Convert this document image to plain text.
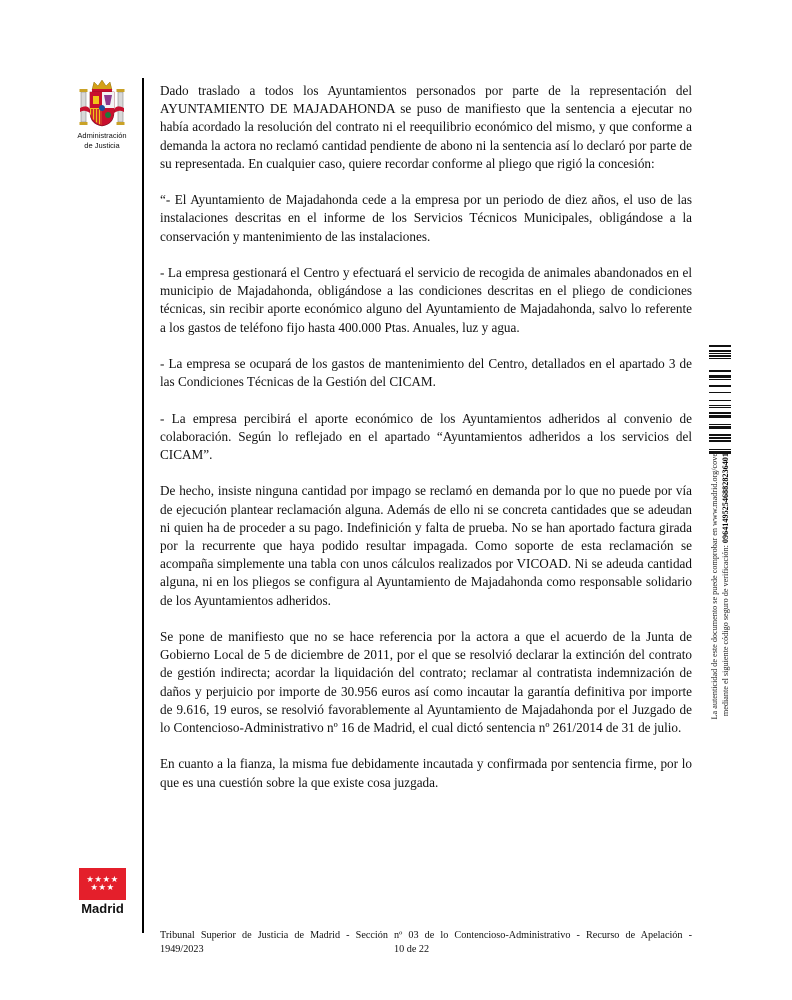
Administración
de Justicia

Dado traslado a todos los Ayuntamientos personados por parte de la representación del AYUNTAMIENTO DE MAJADAHONDA se puso de manifiesto que la sentencia a ejecutar no había acordado la resolución del contrato ni el reequilibrio económico del mismo, y que conforme a demanda la actora no reclamó cantidad pendiente de abono ni la sentencia así lo declaró por parte de su representada. En cualquier caso, quiere recordar conforme al pliego que rigió la concesión:

“- El Ayuntamiento de Majadahonda cede a la empresa por un periodo de diez años, el uso de las instalaciones descritas en el informe de los Servicios Técnicos Municipales, obligándose a la conservación y mantenimiento de las instalaciones.

- La empresa gestionará el Centro y efectuará el servicio de recogida de animales abandonados en el municipio de Majadahonda, obligándose a las condiciones descritas en el pliego de condiciones técnicas, sin recibir aporte económico alguno del Ayuntamiento de Majadahonda, salvo lo referente a los gastos de teléfono fijo hasta 400.000 Ptas. Anuales, luz y agua.

- La empresa se ocupará de los gastos de mantenimiento del Centro, detallados en el apartado 3 de las Condiciones Técnicas de la Gestión del CICAM.

- La empresa percibirá el aporte económico de los Ayuntamientos adheridos al convenio de colaboración. Según lo reflejado en el apartado “Ayuntamientos adheridos a los servicios del CICAM”.

De hecho, insiste ninguna cantidad por impago se reclamó en demanda por lo que no puede por vía de ejecución plantear reclamación alguna. Además de ello ni se concreta cantidades que se adeudan ni quien ha de proceder a su pago. Indefinición y falta de prueba. No se han aportado factura girada por la recurrente que haya podido resultar impagada. Como soporte de esta reclamación se acompaña simplemente una tabla con unos cálculos realizados por VICOAD. Ni se adeuda cantidad alguna, ni en los pliegos se configura al Ayuntamiento de Majadahonda como responsable solidario de los Ayuntamientos adheridos.

Se pone de manifiesto que no se hace referencia por la actora a que el acuerdo de la Junta de Gobierno Local de 5 de diciembre de 2011, por el que se resolvió declarar la extinción del contrato de gestión indirecta; acordar la liquidación del contrato; reclamar al contratista indemnización de daños y perjuicio por importe de 30.956 euros así como incautar la garantía definitiva por importe de 9.616, 19 euros, se resolvió favorablemente al Ayuntamiento de Majadahonda por el Juzgado de lo Contencioso-Administrativo nº 16 de Madrid, el cual dictó sentencia nº 261/2014 de 31 de julio.

En cuanto a la fianza, la misma fue debidamente incautada y confirmada por sentencia firme, por lo que es una cuestión sobre la que existe cosa juzgada.

★★★★
★★★
Madrid
Tribunal Superior de Justicia de Madrid - Sección nº 03 de lo Contencioso-Administrativo - Recurso de Apelación -
1949/2023	10 de 22
La autenticidad de este documento se puede comprobar en www.madrid.org/cove mediante el siguiente código seguro de verificación: 0964149525468828236401
